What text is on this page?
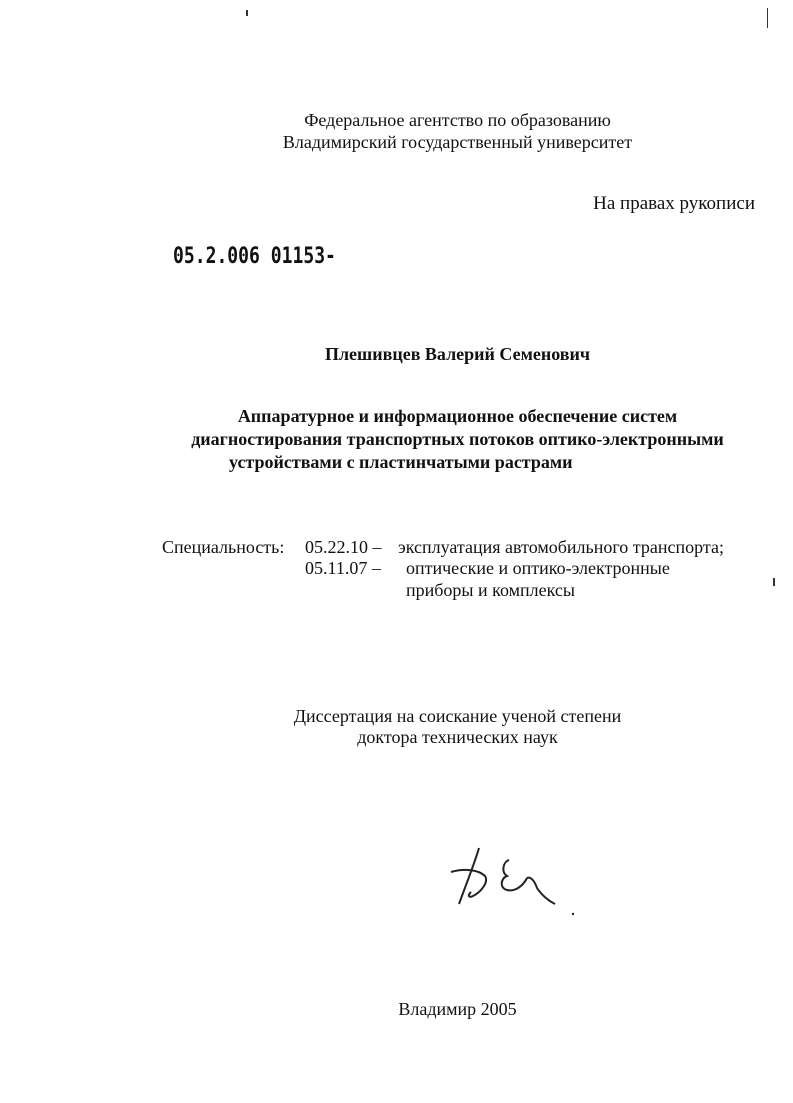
Федеральное агентство по образованию
Владимирский государственный университет
На правах рукописи
05.2.006 01153-
Плешивцев Валерий Семенович
Аппаратурное и информационное обеспечение систем
диагностирования транспортных потоков оптико-электронными
устройствами с пластинчатыми растрами
Специальность: 05.22.10 – эксплуатация автомобильного транспорта;
05.11.07 – оптические и оптико-электронные
приборы и комплексы
Диссертация на соискание ученой степени
доктора технических наук
Владимир 2005
